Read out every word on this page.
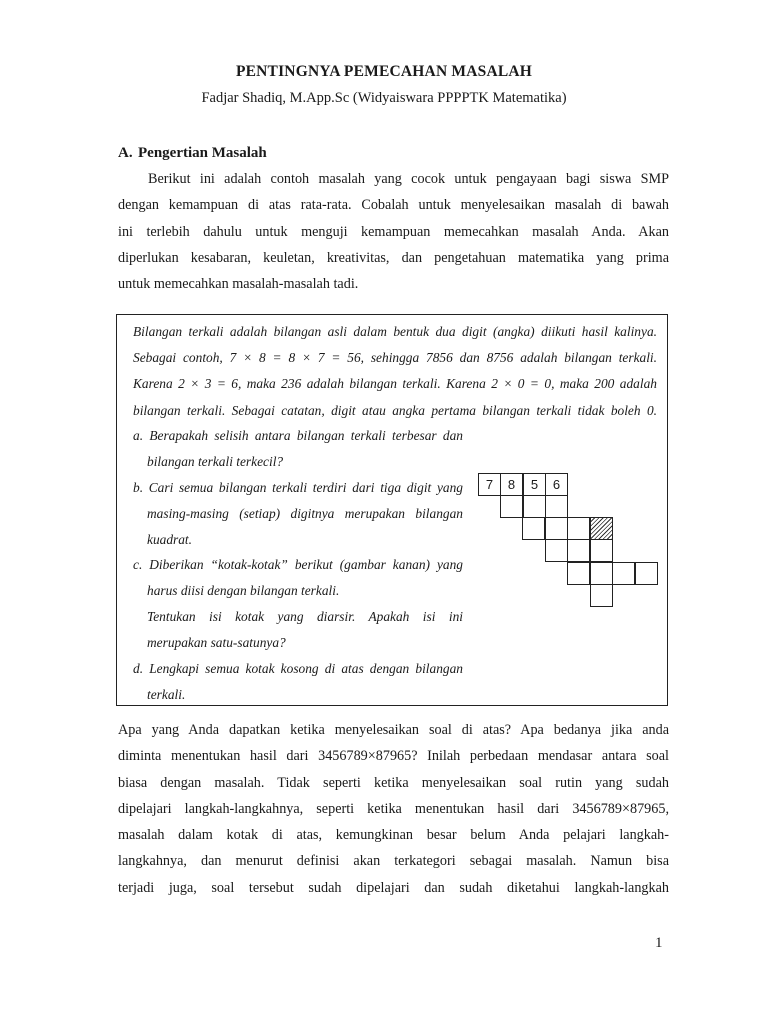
PENTINGNYA PEMECAHAN MASALAH
Fadjar Shadiq, M.App.Sc (Widyaiswara PPPPTK Matematika)
A. Pengertian Masalah
Berikut ini adalah contoh masalah yang cocok untuk pengayaan bagi siswa SMP
dengan kemampuan di atas rata-rata. Cobalah untuk menyelesaikan masalah di bawah
ini terlebih dahulu untuk menguji kemampuan memecahkan masalah Anda. Akan
diperlukan kesabaran, keuletan, kreativitas, dan pengetahuan matematika yang prima
untuk memecahkan masalah-masalah tadi.
Bilangan terkali adalah bilangan asli dalam bentuk dua digit (angka) diikuti hasil kalinya.
Sebagai contoh, 7 × 8 = 8 × 7 = 56, sehingga 7856 dan 8756 adalah bilangan terkali.
Karena 2 × 3 = 6, maka 236 adalah bilangan terkali. Karena 2 × 0 = 0, maka 200 adalah
bilangan terkali. Sebagai catatan, digit atau angka pertama bilangan terkali tidak boleh 0.
a. Berapakah selisih antara bilangan terkali terbesar dan
bilangan terkali terkecil?
b. Cari semua bilangan terkali terdiri dari tiga digit yang
masing-masing (setiap) digitnya merupakan bilangan
kuadrat.
c. Diberikan “kotak-kotak” berikut (gambar kanan) yang
harus diisi dengan bilangan terkali.
Tentukan isi kotak yang diarsir. Apakah isi ini
merupakan satu-satunya?
d. Lengkapi semua kotak kosong di atas dengan bilangan
terkali.
7	8	5	6
Apa yang Anda dapatkan ketika menyelesaikan soal di atas? Apa bedanya jika anda
diminta menentukan hasil dari 3456789×87965? Inilah perbedaan mendasar antara soal
biasa dengan masalah. Tidak seperti ketika menyelesaikan soal rutin yang sudah
dipelajari langkah-langkahnya, seperti ketika menentukan hasil dari 3456789×87965,
masalah dalam kotak di atas, kemungkinan besar belum Anda pelajari langkah-
langkahnya, dan menurut definisi akan terkategori sebagai masalah. Namun bisa
terjadi juga, soal tersebut sudah dipelajari dan sudah diketahui langkah-langkah
1
